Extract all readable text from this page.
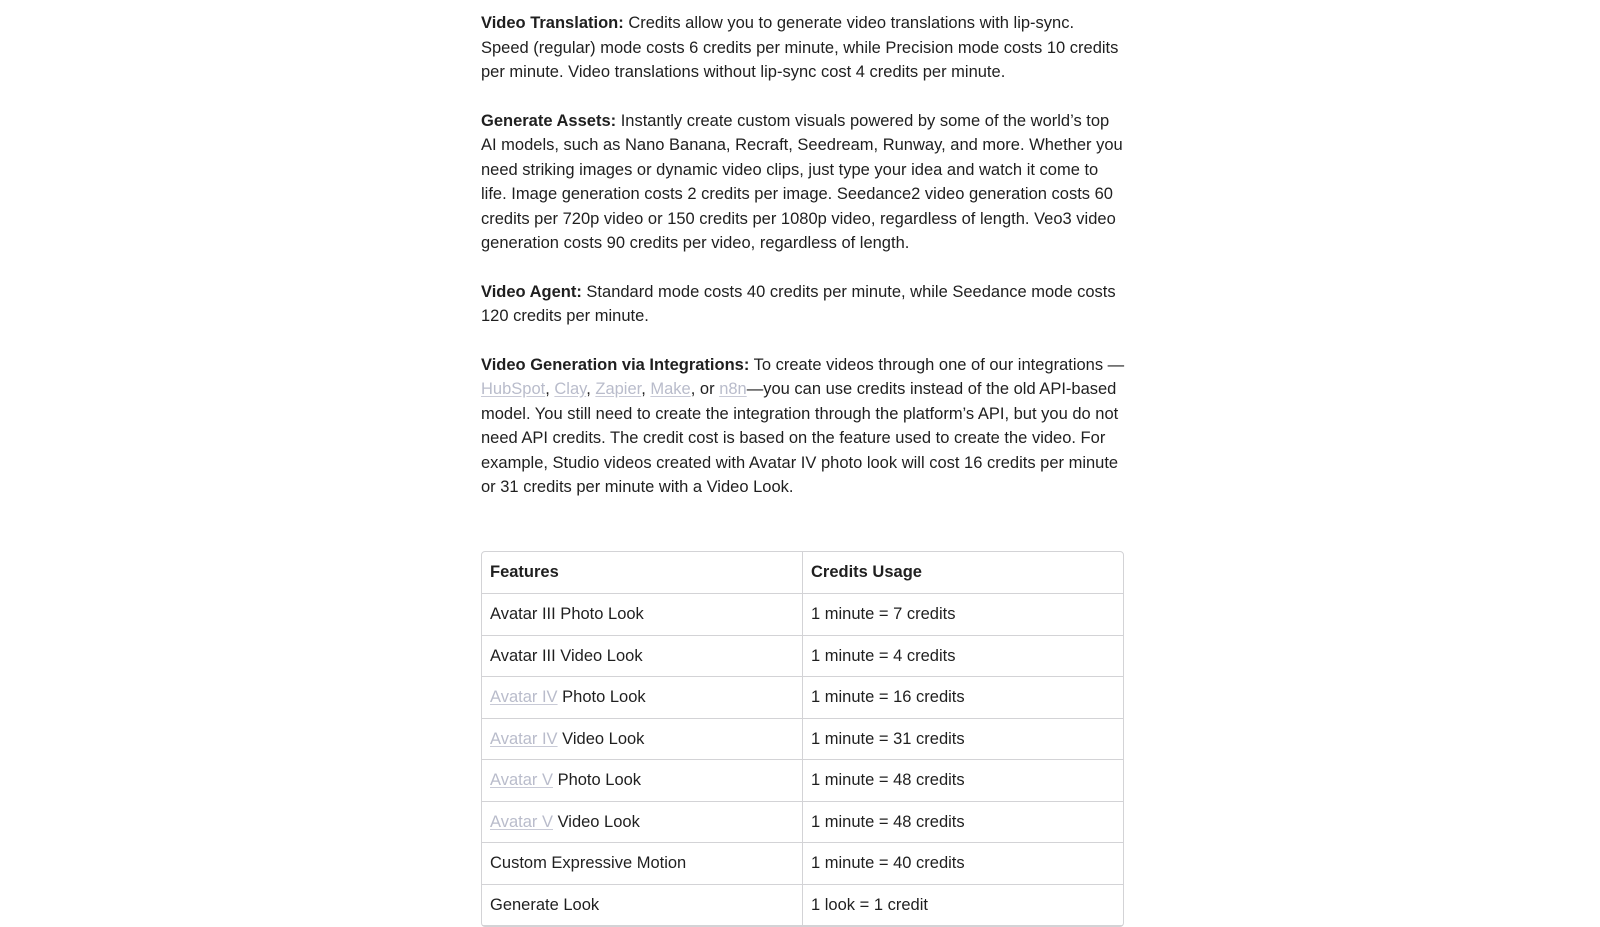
Video Translation: Credits allow you to generate video translations with lip-sync. Speed (regular) mode costs 6 credits per minute, while Precision mode costs 10 credits per minute. Video translations without lip-sync cost 4 credits per minute.

Generate Assets: Instantly create custom visuals powered by some of the world’s top AI models, such as Nano Banana, Recraft, Seedream, Runway, and more. Whether you need striking images or dynamic video clips, just type your idea and watch it come to life. Image generation costs 2 credits per image. Seedance2 video generation costs 60 credits per 720p video or 150 credits per 1080p video, regardless of length. Veo3 video generation costs 90 credits per video, regardless of length.

Video Agent: Standard mode costs 40 credits per minute, while Seedance mode costs 120 credits per minute.

Video Generation via Integrations: To create videos through one of our integrations —HubSpot, Clay, Zapier, Make, or n8n—you can use credits instead of the old API-based model. You still need to create the integration through the platform’s API, but you do not need API credits. The credit cost is based on the feature used to create the video. For example, Studio videos created with Avatar IV photo look will cost 16 credits per minute or 31 credits per minute with a Video Look.

Features	Credits Usage
Avatar III Photo Look	1 minute = 7 credits
Avatar III Video Look	1 minute = 4 credits
Avatar IV Photo Look	1 minute = 16 credits
Avatar IV Video Look	1 minute = 31 credits
Avatar V Photo Look	1 minute = 48 credits
Avatar V Video Look	1 minute = 48 credits
Custom Expressive Motion	1 minute = 40 credits
Generate Look	1 look = 1 credit
